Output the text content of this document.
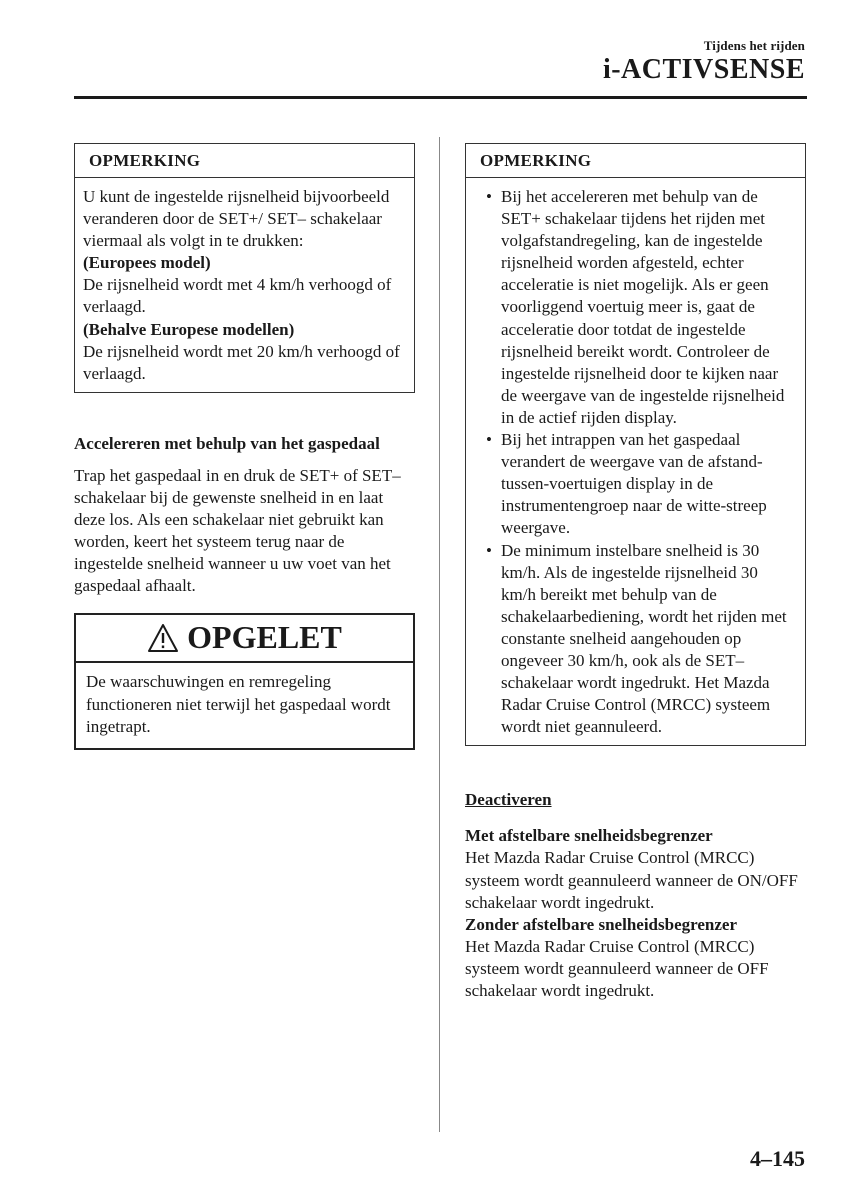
Tijdens het rijden
i-ACTIVSENSE
OPMERKING

U kunt de ingestelde rijsnelheid bijvoorbeeld veranderen door de SET+/ SET– schakelaar viermaal als volgt in te drukken:

(Europees model)

De rijsnelheid wordt met 4 km/h verhoogd of verlaagd.

(Behalve Europese modellen)

De rijsnelheid wordt met 20 km/h verhoogd of verlaagd.

Accelereren met behulp van het gaspedaal

Trap het gaspedaal in en druk de SET+ of SET– schakelaar bij de gewenste snelheid in en laat deze los. Als een schakelaar niet gebruikt kan worden, keert het systeem terug naar de ingestelde snelheid wanneer u uw voet van het gaspedaal afhaalt.

OPGELET
De waarschuwingen en remregeling functioneren niet terwijl het gaspedaal wordt ingetrapt.
OPMERKING
• Bij het accelereren met behulp van de SET+ schakelaar tijdens het rijden met volgafstandregeling, kan de ingestelde rijsnelheid worden afgesteld, echter acceleratie is niet mogelijk. Als er geen voorliggend voertuig meer is, gaat de acceleratie door totdat de ingestelde rijsnelheid bereikt wordt. Controleer de ingestelde rijsnelheid door te kijken naar de weergave van de ingestelde rijsnelheid in de actief rijden display.
• Bij het intrappen van het gaspedaal verandert de weergave van de afstand-tussen-voertuigen display in de instrumentengroep naar de witte-streep weergave.
• De minimum instelbare snelheid is 30 km/h. Als de ingestelde rijsnelheid 30 km/h bereikt met behulp van de schakelaarbediening, wordt het rijden met constante snelheid aangehouden op ongeveer 30 km/h, ook als de SET– schakelaar wordt ingedrukt. Het Mazda Radar Cruise Control (MRCC) systeem wordt niet geannuleerd.
Deactiveren

Met afstelbare snelheidsbegrenzer

Het Mazda Radar Cruise Control (MRCC) systeem wordt geannuleerd wanneer de ON/OFF schakelaar wordt ingedrukt.

Zonder afstelbare snelheidsbegrenzer

Het Mazda Radar Cruise Control (MRCC) systeem wordt geannuleerd wanneer de OFF schakelaar wordt ingedrukt.

4–145
